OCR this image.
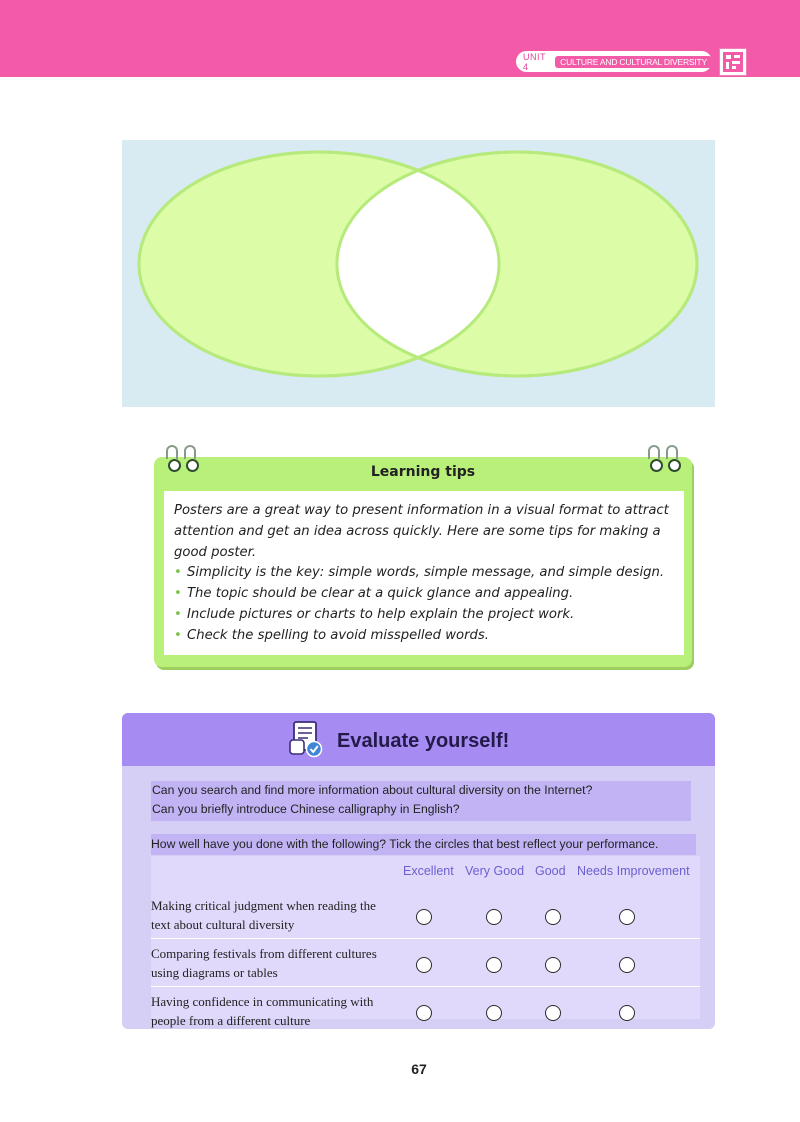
UNIT 4	CULTURE AND CULTURAL DIVERSITY
Learning tips
Posters are a great way to present information in a visual format to attract
attention and get an idea across quickly. Here are some tips for making a
good poster.
• Simplicity is the key: simple words, simple message, and simple design.
• The topic should be clear at a quick glance and appealing.
• Include pictures or charts to help explain the project work.
• Check the spelling to avoid misspelled words.
Evaluate yourself!
Can you search and find more information about cultural diversity on the Internet?
Can you briefly introduce Chinese calligraphy in English?
How well have you done with the following? Tick the circles that best reflect your performance.
Excellent Very Good Good Needs Improvement
Making critical judgment when reading the
text about cultural diversity
Comparing festivals from different cultures
using diagrams or tables
Having confidence in communicating with
people from a different culture
67
